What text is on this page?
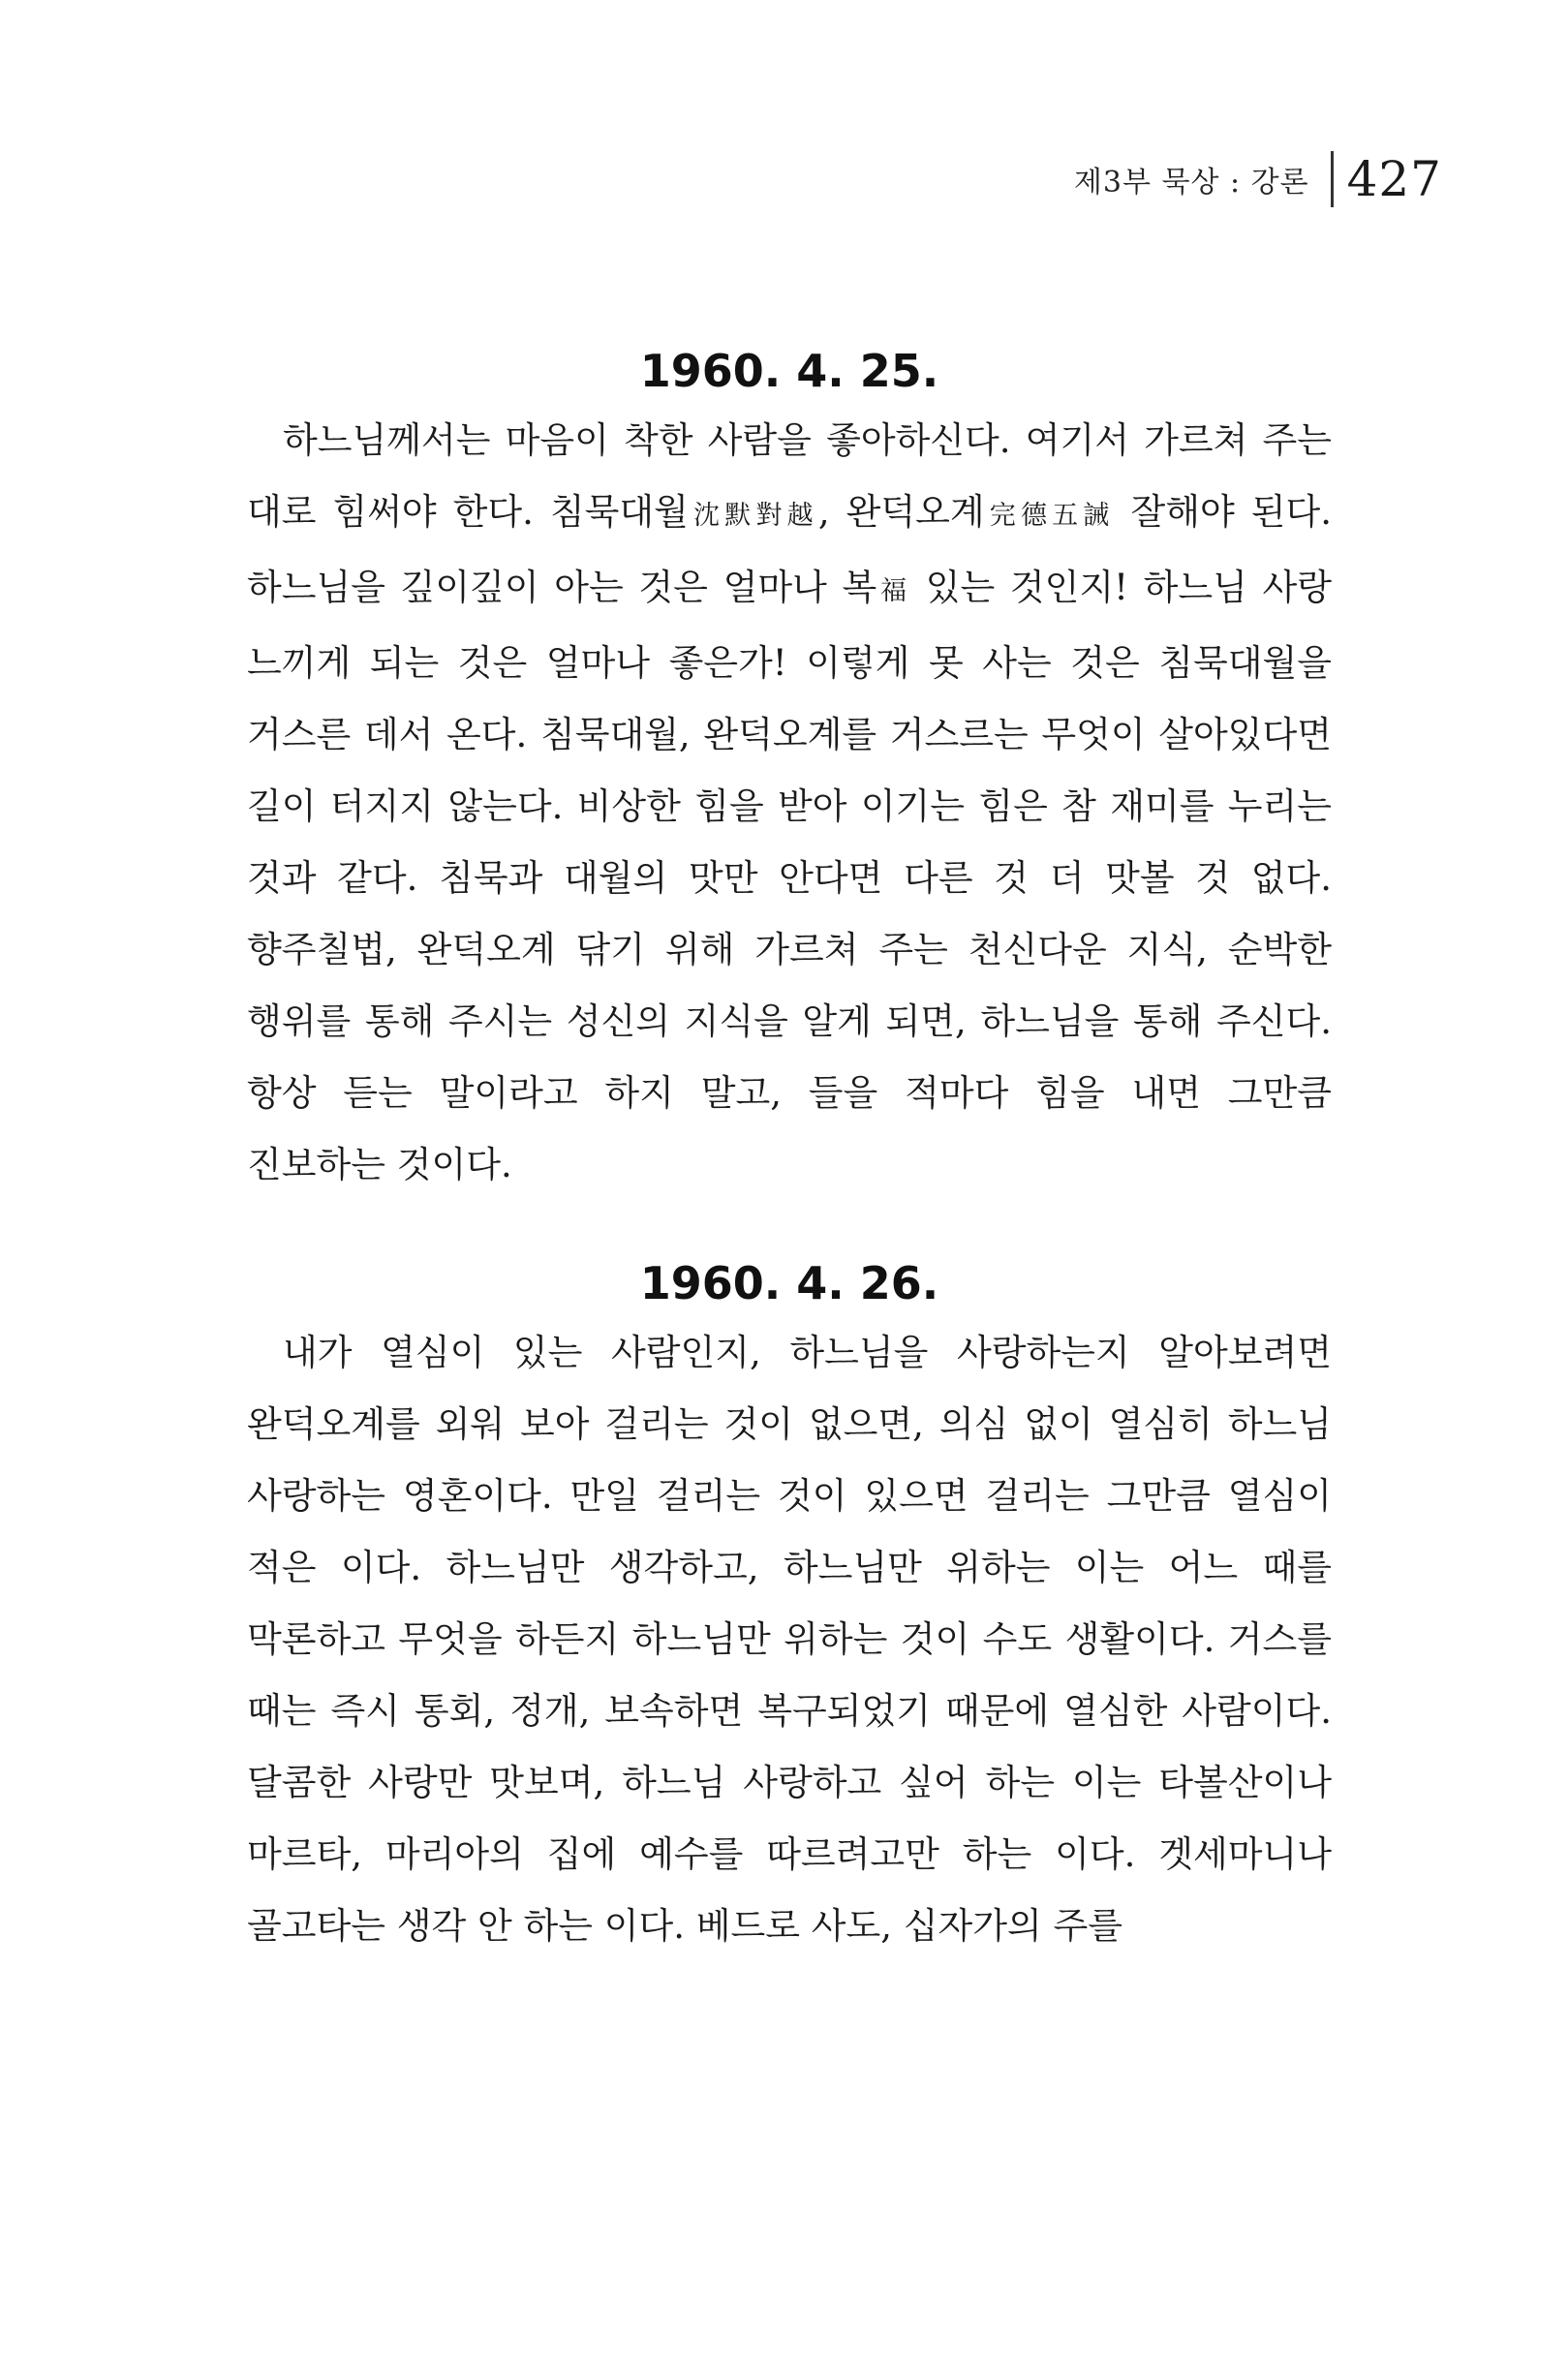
제3부 묵상 : 강론 427
1960. 4. 25.

하느님께서는 마음이 착한 사람을 좋아하신다. 여기서 가르쳐 주는 대로 힘써야 한다. 침묵대월沈默對越, 완덕오계完德五誡 잘해야 된다. 하느님을 깊이깊이 아는 것은 얼마나 복福 있는 것인지! 하느님 사랑 느끼게 되는 것은 얼마나 좋은가! 이렇게 못 사는 것은 침묵대월을 거스른 데서 온다. 침묵대월, 완덕오계를 거스르는 무엇이 살아있다면 길이 터지지 않는다. 비상한 힘을 받아 이기는 힘은 참 재미를 누리는 것과 같다. 침묵과 대월의 맛만 안다면 다른 것 더 맛볼 것 없다. 향주칠법, 완덕오계 닦기 위해 가르쳐 주는 천신다운 지식, 순박한 행위를 통해 주시는 성신의 지식을 알게 되면, 하느님을 통해 주신다. 항상 듣는 말이라고 하지 말고, 들을 적마다 힘을 내면 그만큼 진보하는 것이다.

1960. 4. 26.

내가 열심이 있는 사람인지, 하느님을 사랑하는지 알아보려면 완덕오계를 외워 보아 걸리는 것이 없으면, 의심 없이 열심히 하느님 사랑하는 영혼이다. 만일 걸리는 것이 있으면 걸리는 그만큼 열심이 적은 이다. 하느님만 생각하고, 하느님만 위하는 이는 어느 때를 막론하고 무엇을 하든지 하느님만 위하는 것이 수도 생활이다. 거스를 때는 즉시 통회, 정개, 보속하면 복구되었기 때문에 열심한 사람이다. 달콤한 사랑만 맛보며, 하느님 사랑하고 싶어 하는 이는 타볼산이나 마르타, 마리아의 집에 예수를 따르려고만 하는 이다. 겟세마니나 골고타는 생각 안 하는 이다. 베드로 사도, 십자가의 주를
